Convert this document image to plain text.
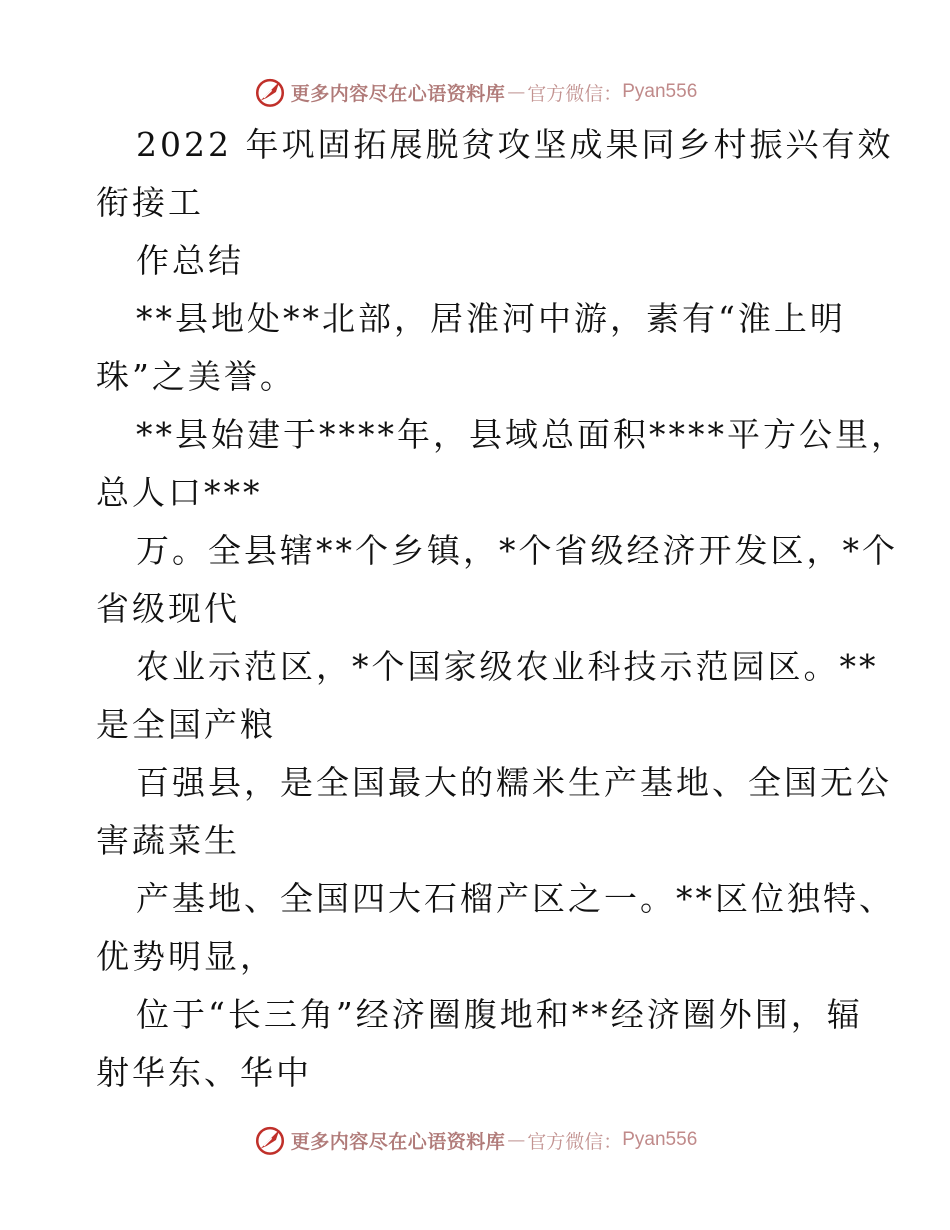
更多内容尽在心语资料库 — 官方微信： Pyan556
2022 年巩固拓展脱贫攻坚成果同乡村振兴有效
衔接工
作总结
**县地处**北部，居淮河中游，素有“淮上明
珠”之美誉。
**县始建于****年，县域总面积****平方公里，
总人口***
万。全县辖**个乡镇，*个省级经济开发区，*个
省级现代
农业示范区，*个国家级农业科技示范园区。**
是全国产粮
百强县，是全国最大的糯米生产基地、全国无公
害蔬菜生
产基地、全国四大石榴产区之一。**区位独特、
优势明显，
位于“长三角”经济圈腹地和**经济圈外围，辐
射华东、华中
更多内容尽在心语资料库 — 官方微信： Pyan556
